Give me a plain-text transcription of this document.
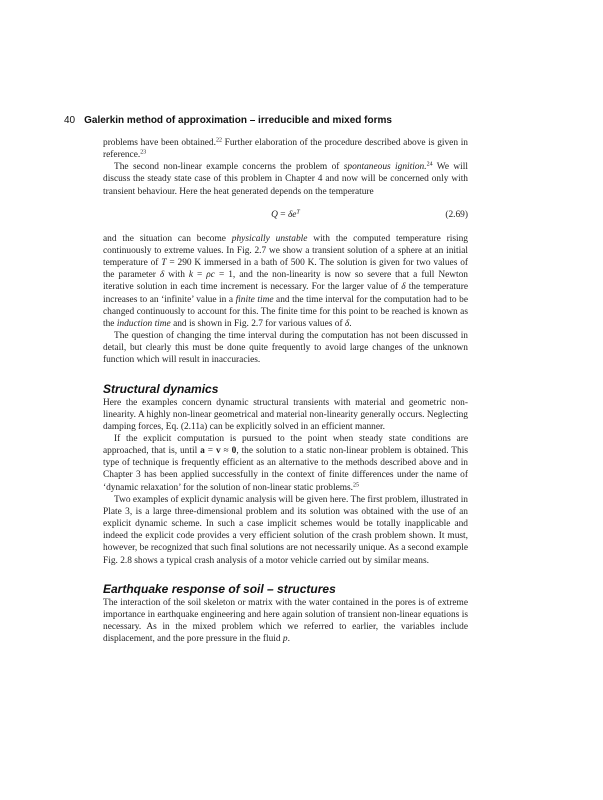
40 Galerkin method of approximation – irreducible and mixed forms

problems have been obtained.$^{22}$ Further elaboration of the procedure described above is given in reference.$^{23}$

The second non-linear example concerns the problem of spontaneous ignition.$^{24}$ We will discuss the steady state case of this problem in Chapter 4 and now will be concerned only with transient behaviour. Here the heat generated depends on the temperature

$Q = \delta e^T$	(2.69)

and the situation can become physically unstable with the computed temperature rising continuously to extreme values. In Fig. 2.7 we show a transient solution of a sphere at an initial temperature of T = 290 K immersed in a bath of 500 K. The solution is given for two values of the parameter δ with k = ρc = 1, and the non-linearity is now so severe that a full Newton iterative solution in each time increment is necessary. For the larger value of δ the temperature increases to an ‘infinite’ value in a finite time and the time interval for the computation had to be changed continuously to account for this. The finite time for this point to be reached is known as the induction time and is shown in Fig. 2.7 for various values of δ.

The question of changing the time interval during the computation has not been discussed in detail, but clearly this must be done quite frequently to avoid large changes of the unknown function which will result in inaccuracies.

Structural dynamics

Here the examples concern dynamic structural transients with material and geometric non-linearity. A highly non-linear geometrical and material non-linearity generally occurs. Neglecting damping forces, Eq. (2.11a) can be explicitly solved in an efficient manner.

If the explicit computation is pursued to the point when steady state conditions are approached, that is, until a = v ≈ 0, the solution to a static non-linear problem is obtained. This type of technique is frequently efficient as an alternative to the methods described above and in Chapter 3 has been applied successfully in the context of finite differences under the name of ‘dynamic relaxation’ for the solution of non-linear static problems.$^{25}$

Two examples of explicit dynamic analysis will be given here. The first problem, illustrated in Plate 3, is a large three-dimensional problem and its solution was obtained with the use of an explicit dynamic scheme. In such a case implicit schemes would be totally inapplicable and indeed the explicit code provides a very efficient solution of the crash problem shown. It must, however, be recognized that such final solutions are not necessarily unique. As a second example Fig. 2.8 shows a typical crash analysis of a motor vehicle carried out by similar means.

Earthquake response of soil – structures

The interaction of the soil skeleton or matrix with the water contained in the pores is of extreme importance in earthquake engineering and here again solution of transient non-linear equations is necessary. As in the mixed problem which we referred to earlier, the variables include displacement, and the pore pressure in the fluid p.
